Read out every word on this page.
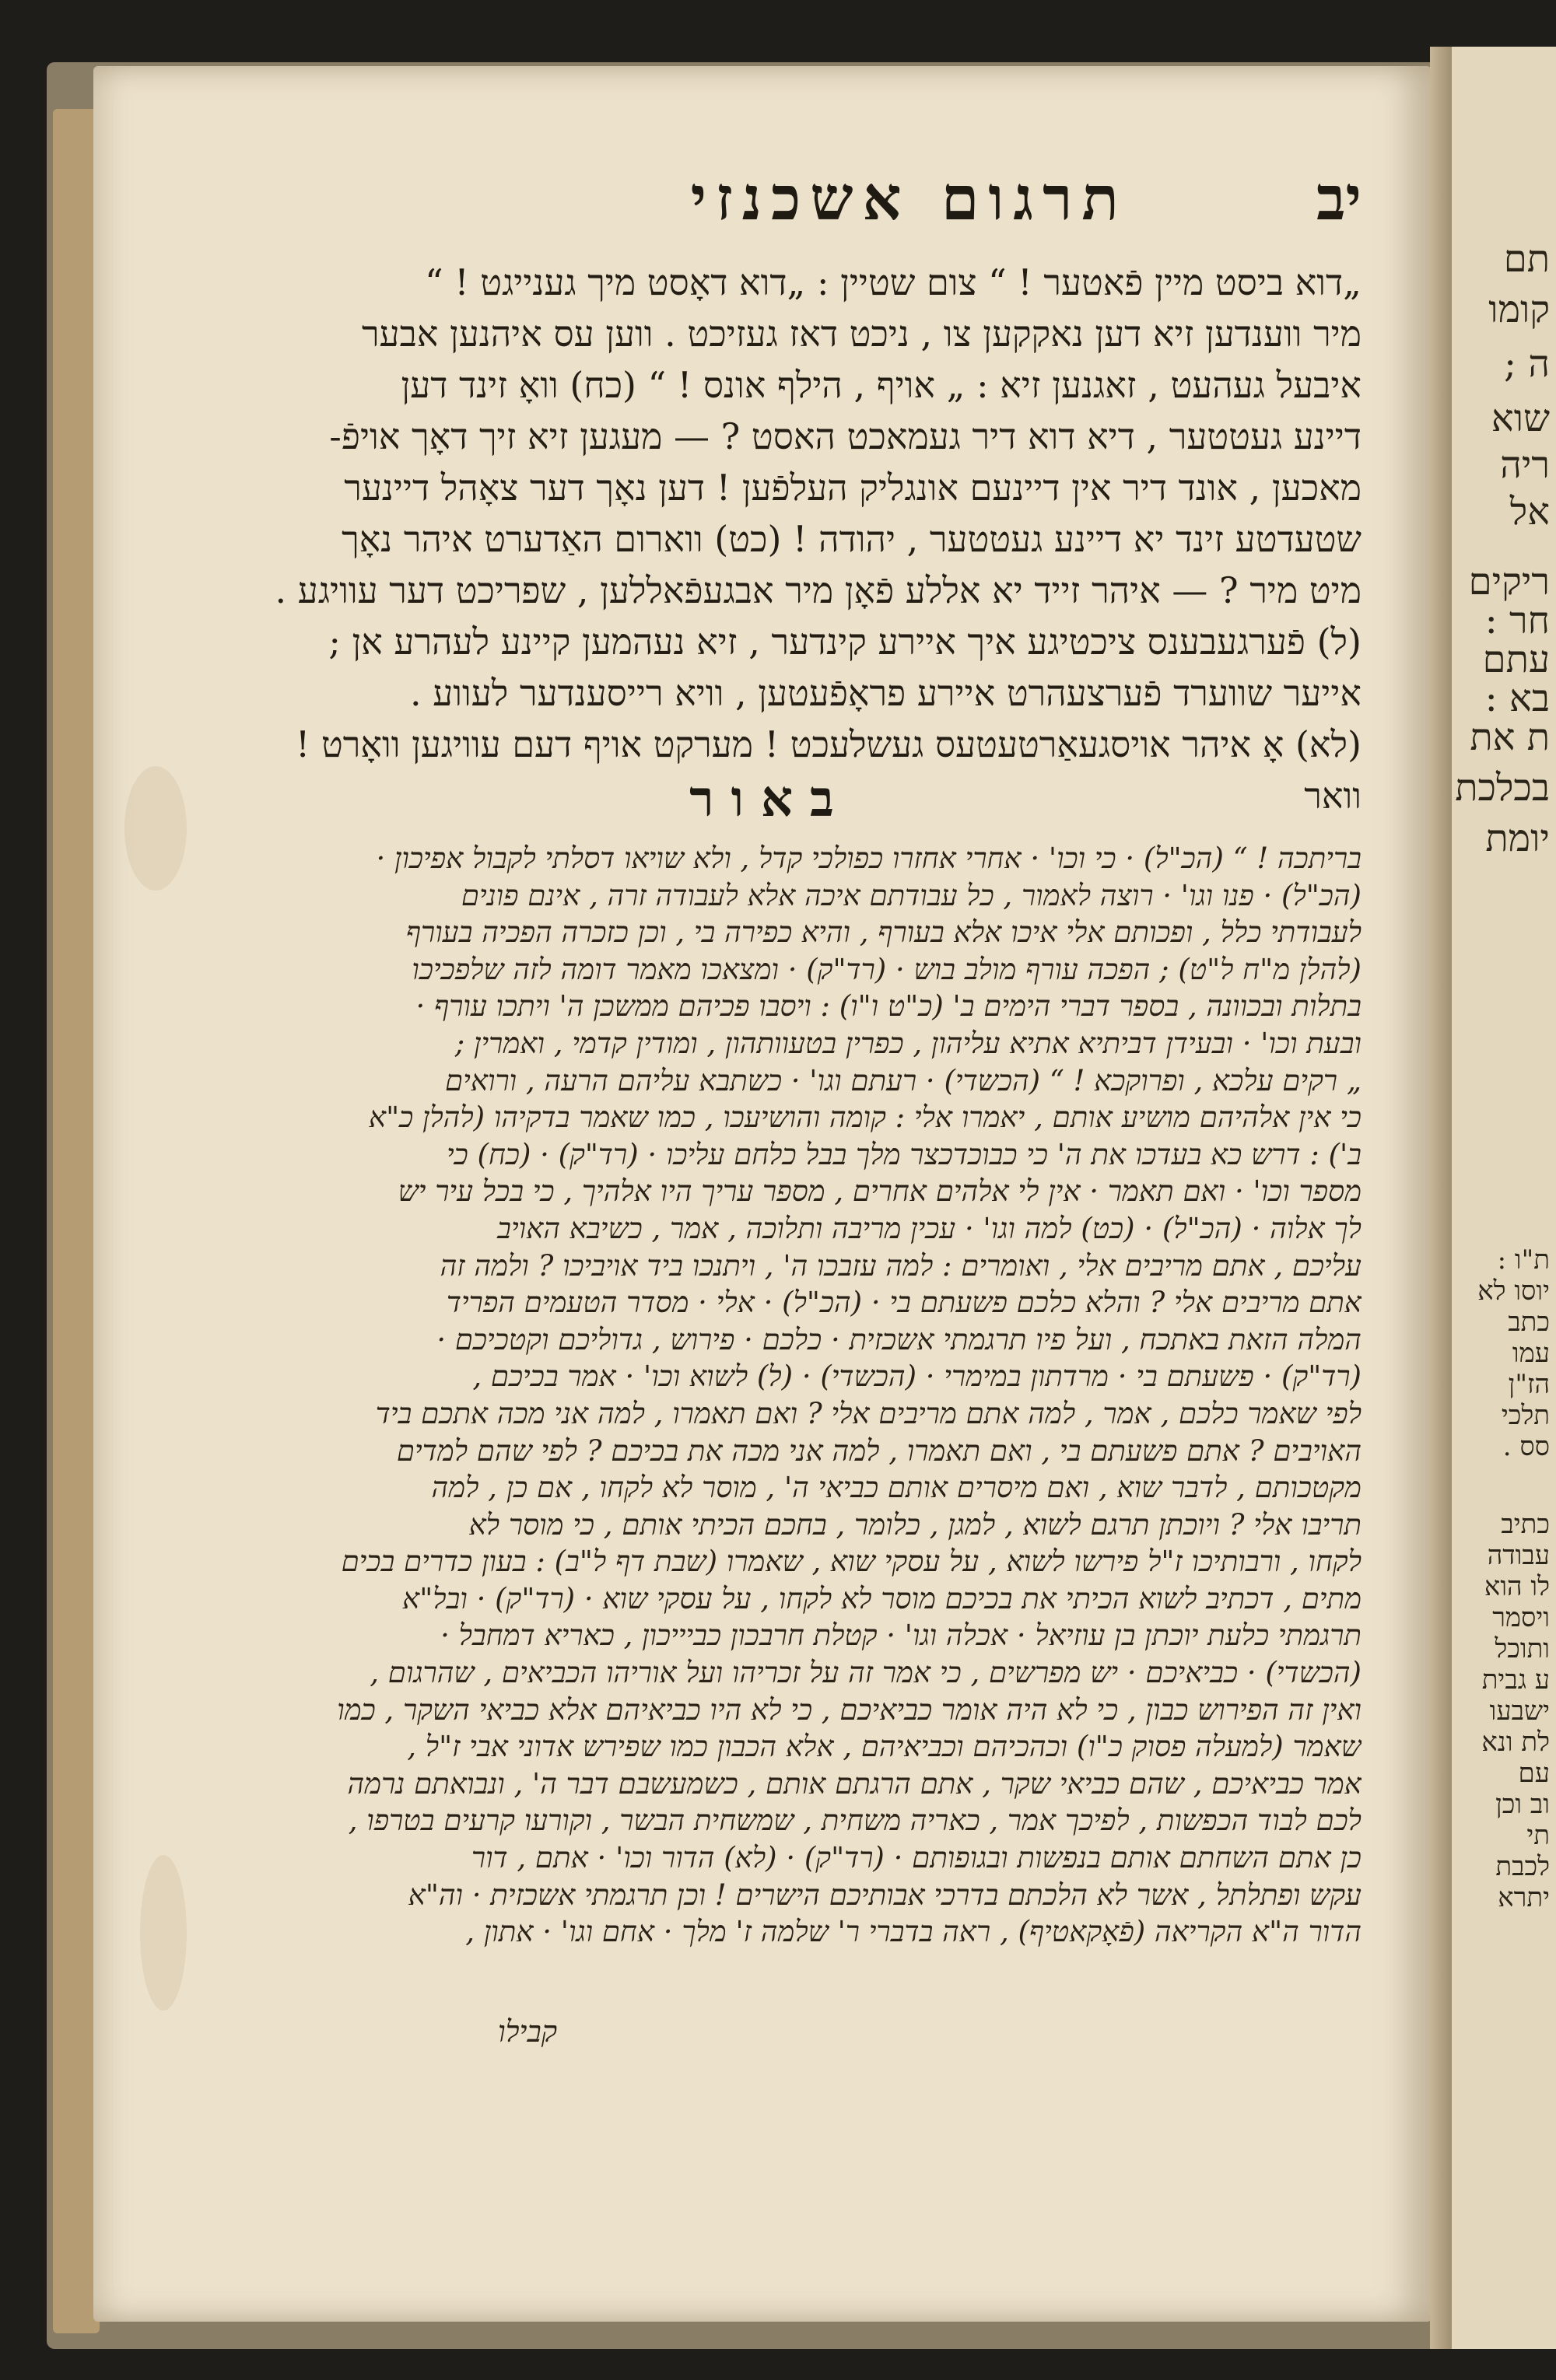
תם
קומו
ה ;
שוא
ריה
אל
ריקים
חר :
עתם
בא :
ת את
בכלכת
יומת
ת"ו :
יוסו לא
כתב
עמו
הז"ן
תלכי
סס .
כתיב
עבודה
לו הוא
ויסמר
ותוכל
ע גבית
ישבעו
לת ונא
עם
וב וכן
תי
לכבת
יתרא
יב
תרגום אשכנזי

„דוא ביסט מיין פֿאטער ! “ צום שטיין : „דוא דאָסט מיך גענייגט ! “

מיר ווענדען זיא דען נאקקען צו , ניכט דאז געזיכט . ווען עס איהנען אבער

איבעל געהעט , זאגנען זיא : „ אויף , הילף אונס ! “ (כח) וואָ זינד דען

דיינע געטטער , דיא דוא דיר געמאכט האסט ? — מעגען זיא זיך דאָך אויפֿ-

מאכען , אונד דיר אין דיינעם אונגליק העלפֿען ! דען נאָך דער צאָהל דיינער

שטעדטע זינד יא דיינע געטטער , יהודה ! (כט) ווארום האַדערט איהר נאָך

מיט מיר ? — איהר זייד יא אללע פֿאָן מיר אבגעפֿאללען , שפריכט דער עוויגע .

(ל) פֿערגעבענס ציכטיגע איך איירע קינדער , זיא נעהמען קיינע לעהרע אן ;

אייער שווערד פֿערצעהרט איירע פראָפֿעטען , וויא רייסענדער לעווע .

(לא) אָ איהר אויסגעאַרטעטעס געשלעכט ! מערקט אויף דעם עוויגען וואָרט !

וואר

באור

בריתכה ! “ (הכ"ל) · כי וכו' · אחרי אחזרו כפולכי קדל , ולא שויאו דסלתי לקבול אפיכון ·

(הכ"ל) · פנו וגו' · רוצה לאמור , כל עבודתם איכה אלא לעבודה זרה , אינם פונים

לעבודתי כלל , ופכותם אלי איכו אלא בעורף , והיא כפירה בי , וכן כזכרה הפכיה בעורף

(להלן מ"ח ל"ט) ; הפכה עורף מולב בוש · (רד"ק) · ומצאכו מאמר דומה לזה שלפכיכו

בתלות ובכוונה , בספר דברי הימים ב' (כ"ט ו"ו) : ויסבו פכיהם ממשכן ה' ויתכו עורף ·

ובעת וכו' · ובעידן דביתיא אתיא עליהון , כפרין בטעוותהון , ומודין קדמי , ואמרין ;

„ רקים עלכא , ופרוקכא ! “ (הכשדי) · רעתם וגו' · כשתבא עליהם הרעה , ורואים

כי אין אלהיהם מושיע אותם , יאמרו אלי : קומה והושיעכו , כמו שאמר בדקיהו (להלן כ"א

ב') : דרש כא בעדכו את ה' כי כבוכדכצר מלך בבל כלחם עליכו · (רד"ק) · (כח) כי

מספר וכו' · ואם תאמר · אין לי אלהים אחרים , מספר עריך היו אלהיך , כי בכל עיר יש

לך אלוה · (הכ"ל) · (כט) למה וגו' · עכין מריבה ותלוכה , אמר , כשיבא האויב

עליכם , אתם מריבים אלי , ואומרים : למה עזבכו ה' , ויתנכו ביד אויביכו ? ולמה זה

אתם מריבים אלי ? והלא כלכם פשעתם בי · (הכ"ל) · אלי · מסדר הטעמים הפריד

המלה הזאת באתכח , ועל פיו תרגמתי אשכזית · כלכם · פירוש , גדוליכם וקטכיכם ·

(רד"ק) · פשעתם בי · מרדתון במימרי · (הכשדי) · (ל) לשוא וכו' · אמר בכיכם ,

לפי שאמר כלכם , אמר , למה אתם מריבים אלי ? ואם תאמרו , למה אני מכה אתכם ביד

האויבים ? אתם פשעתם בי , ואם תאמרו , למה אני מכה את בכיכם ? לפי שהם למדים

מקטכותם , לדבר שוא , ואם מיסרים אותם כביאי ה' , מוסר לא לקחו , אם כן , למה

תריבו אלי ? ויוכתן תרגם לשוא , למגן , כלומר , בחכם הכיתי אותם , כי מוסר לא

לקחו , ורבותיכו ז"ל פירשו לשוא , על עסקי שוא , שאמרו (שבת דף ל"ב) : בעון כדרים בכים

מתים , דכתיב לשוא הכיתי את בכיכם מוסר לא לקחו , על עסקי שוא · (רד"ק) · ובל"א

תרגמתי כלעת יוכתן בן עוזיאל · אכלה וגו' · קטלת חרבכון כביייכון , כאריא דמחבל ·

(הכשדי) · כביאיכם · יש מפרשים , כי אמר זה על זכריהו ועל אוריהו הכביאים , שהרגום ,

ואין זה הפירוש כבון , כי לא היה אומר כביאיכם , כי לא היו כביאיהם אלא כביאי השקר , כמו

שאמר (למעלה פסוק כ"ו) וכהכיהם וכביאיהם , אלא הכבון כמו שפירש אדוני אבי ז"ל ,

אמר כביאיכם , שהם כביאי שקר , אתם הרגתם אותם , כשמעשבם דבר ה' , ונבואתם נרמה

לכם לבוד הכפשות , לפיכך אמר , כאריה משחית , שמשחית הבשר , וקורעו קרעים בטרפו ,

כן אתם השחתם אותם בנפשות ובגופותם · (רד"ק) · (לא) הדור וכו' · אתם , דור

עקש ופתלתל , אשר לא הלכתם בדרכי אבותיכם הישרים ! וכן תרגמתי אשכזית · וה"א

הדור ה"א הקריאה (פֿאָקאטיף) , ראה בדברי ר' שלמה ז' מלך · אחם וגו' · אתון ,

קבילו
